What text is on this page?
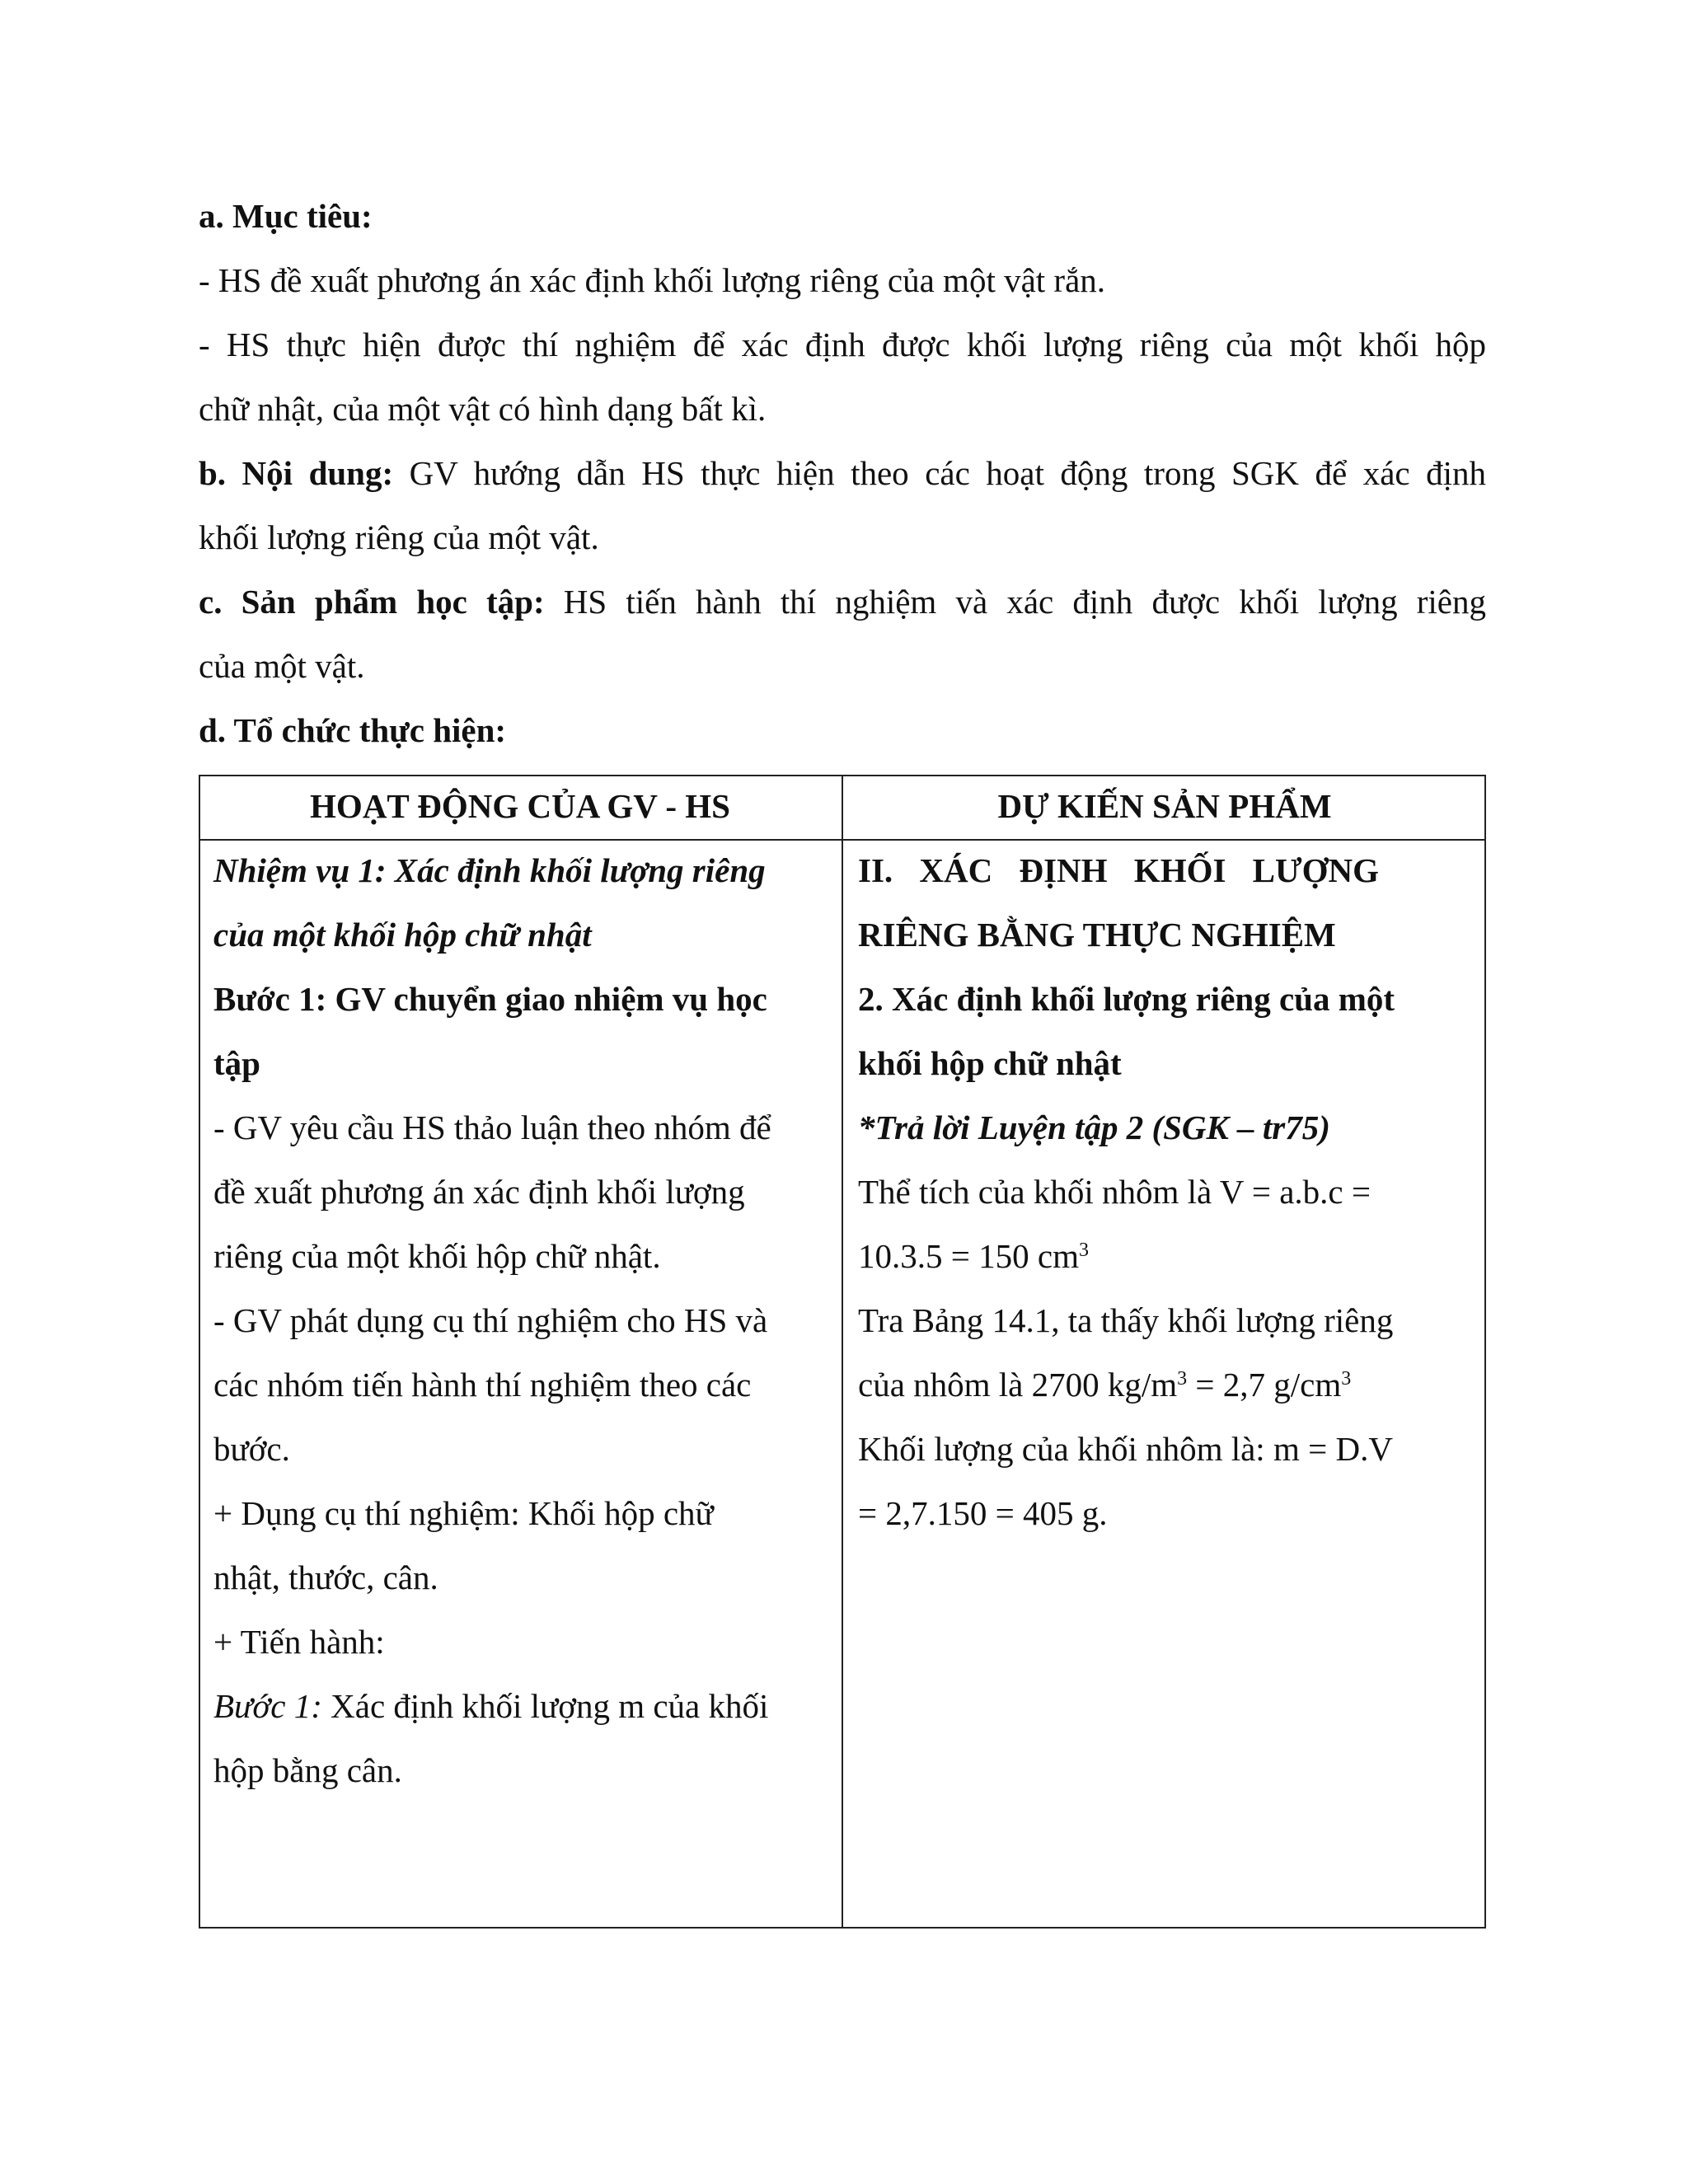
a. Mục tiêu:
- HS đề xuất phương án xác định khối lượng riêng của một vật rắn.
- HS thực hiện được thí nghiệm để xác định được khối lượng riêng của một khối hộp
chữ nhật, của một vật có hình dạng bất kì.
b. Nội dung: GV hướng dẫn HS thực hiện theo các hoạt động trong SGK để xác định
khối lượng riêng của một vật.
c. Sản phẩm học tập: HS tiến hành thí nghiệm và xác định được khối lượng riêng
của một vật.
d. Tổ chức thực hiện:
HOẠT ĐỘNG CỦA GV - HS	DỰ KIẾN SẢN PHẨM
Nhiệm vụ 1: Xác định khối lượng riêng
của một khối hộp chữ nhật
Bước 1: GV chuyển giao nhiệm vụ học
tập
- GV yêu cầu HS thảo luận theo nhóm để
đề xuất phương án xác định khối lượng
riêng của một khối hộp chữ nhật.
- GV phát dụng cụ thí nghiệm cho HS và
các nhóm tiến hành thí nghiệm theo các
bước.
+ Dụng cụ thí nghiệm: Khối hộp chữ
nhật, thước, cân.
+ Tiến hành:
Bước 1: Xác định khối lượng m của khối
hộp bằng cân.
II. XÁC ĐỊNH KHỐI LƯỢNG
RIÊNG BẰNG THỰC NGHIỆM
2. Xác định khối lượng riêng của một
khối hộp chữ nhật
*Trả lời Luyện tập 2 (SGK – tr75)
Thể tích của khối nhôm là V = a.b.c =
10.3.5 = 150 $cm^3$
Tra Bảng 14.1, ta thấy khối lượng riêng
của nhôm là 2700 $kg/m^3 = 2,7$ $g/cm^3$
Khối lượng của khối nhôm là: m = D.V
= 2,7.150 = 405 g.
